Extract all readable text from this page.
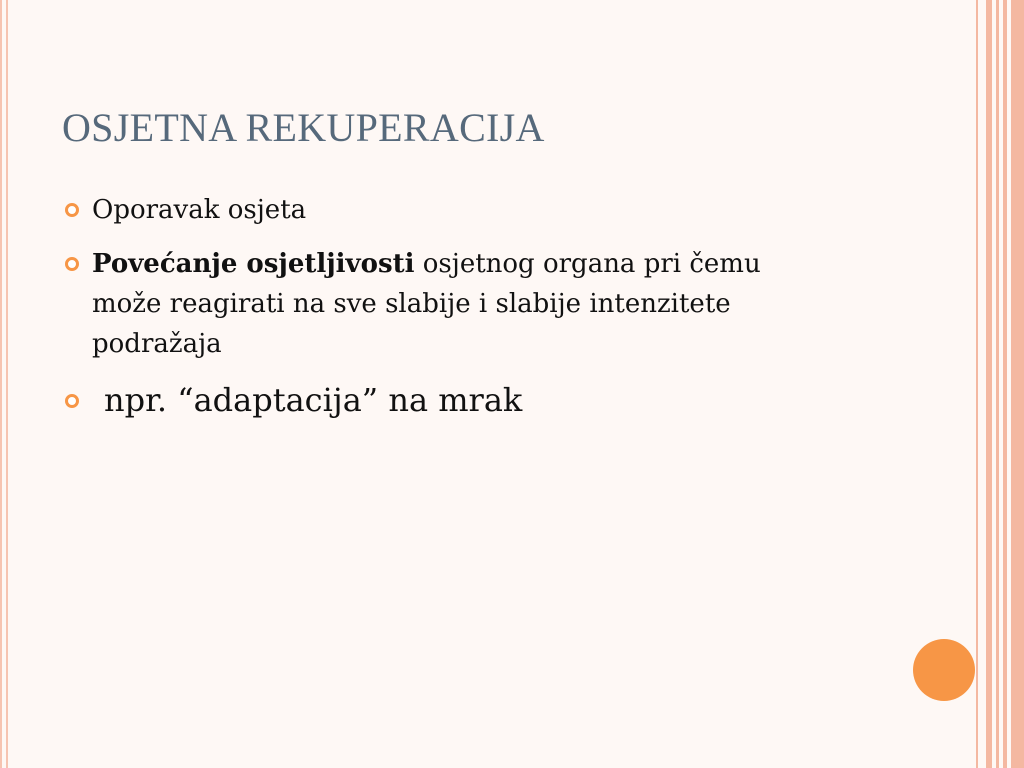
OSJETNA REKUPERACIJA
Oporavak osjeta
Povećanje osjetljivosti osjetnog organa pri čemu može reagirati na sve slabije i slabije intenzitete podražaja
npr. “adaptacija” na mrak
